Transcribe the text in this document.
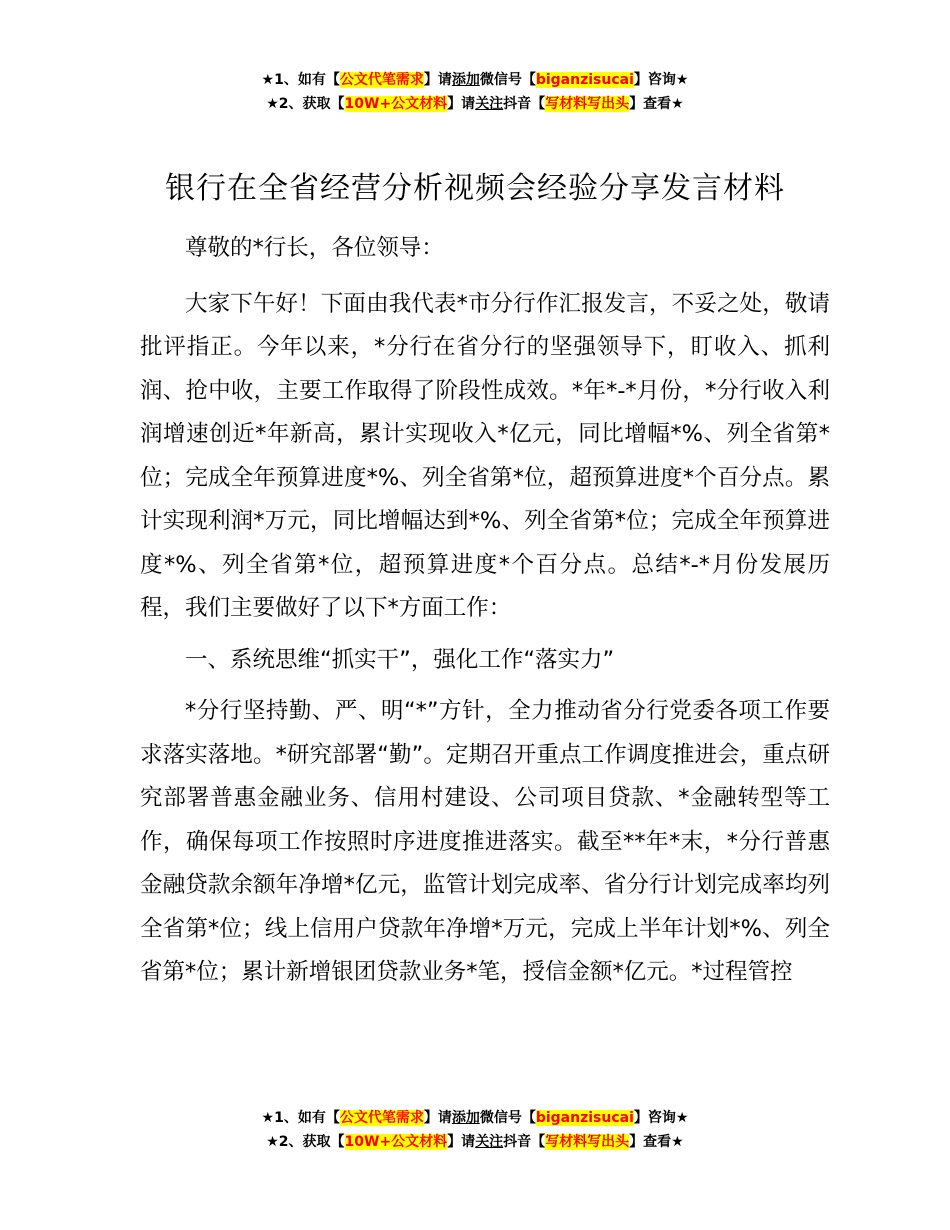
★1、如有【公文代笔需求】请添加微信号【biganzisucai】咨询★
★2、获取【10W+公文材料】请关注抖音【写材料写出头】查看★
银行在全省经营分析视频会经验分享发言材料

尊敬的*行长，各位领导：

大家下午好！下面由我代表*市分行作汇报发言，不妥之处，敬请批评指正。今年以来，*分行在省分行的坚强领导下，盯收入、抓利润、抢中收，主要工作取得了阶段性成效。*年*-*月份，*分行收入利润增速创近*年新高，累计实现收入*亿元，同比增幅*%、列全省第*位；完成全年预算进度*%、列全省第*位，超预算进度*个百分点。累计实现利润*万元，同比增幅达到*%、列全省第*位；完成全年预算进度*%、列全省第*位，超预算进度*个百分点。总结*-*月份发展历程，我们主要做好了以下*方面工作：

一、系统思维“抓实干”，强化工作“落实力”

*分行坚持勤、严、明“*”方针，全力推动省分行党委各项工作要求落实落地。*研究部署“勤”。定期召开重点工作调度推进会，重点研究部署普惠金融业务、信用村建设、公司项目贷款、*金融转型等工作，确保每项工作按照时序进度推进落实。截至**年*末，*分行普惠金融贷款余额年净增*亿元，监管计划完成率、省分行计划完成率均列全省第*位；线上信用户贷款年净增*万元，完成上半年计划*%、列全省第*位；累计新增银团贷款业务*笔，授信金额*亿元。*过程管控

★1、如有【公文代笔需求】请添加微信号【biganzisucai】咨询★
★2、获取【10W+公文材料】请关注抖音【写材料写出头】查看★
